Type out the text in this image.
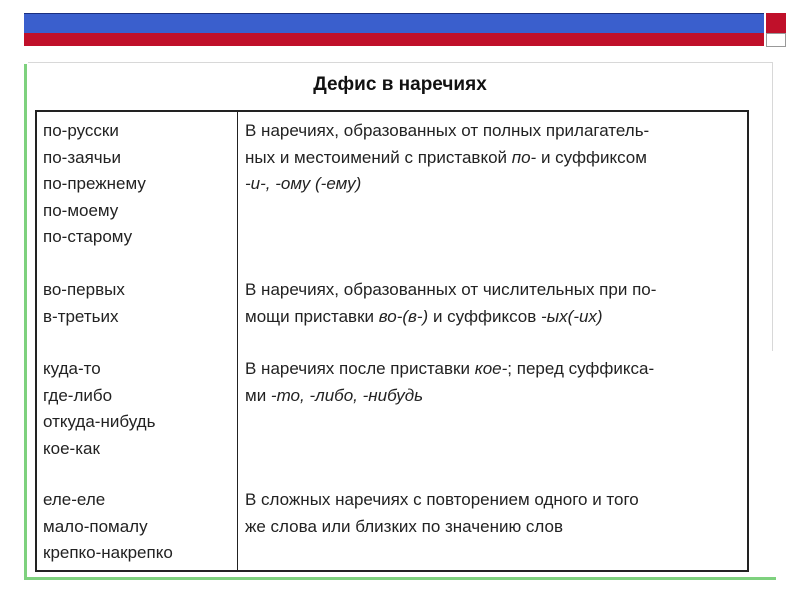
Дефис в наречиях
по-русски
по-заячьи
по-прежнему
по-моему
по-старому
В наречиях, образованных от полных прилагатель-
ных и местоимений с приставкой по- и суффиксом
-и-, -ому (-ему)
во-первых
в-третьих
В наречиях, образованных от числительных при по-
мощи приставки во-(в-) и суффиксов -ых(-их)
куда-то
где-либо
откуда-нибудь
кое-как
В наречиях после приставки кое-; перед суффикса-
ми -то, -либо, -нибудь
еле-еле
мало-помалу
крепко-накрепко
В сложных наречиях с повторением одного и того
же слова или близких по значению слов
